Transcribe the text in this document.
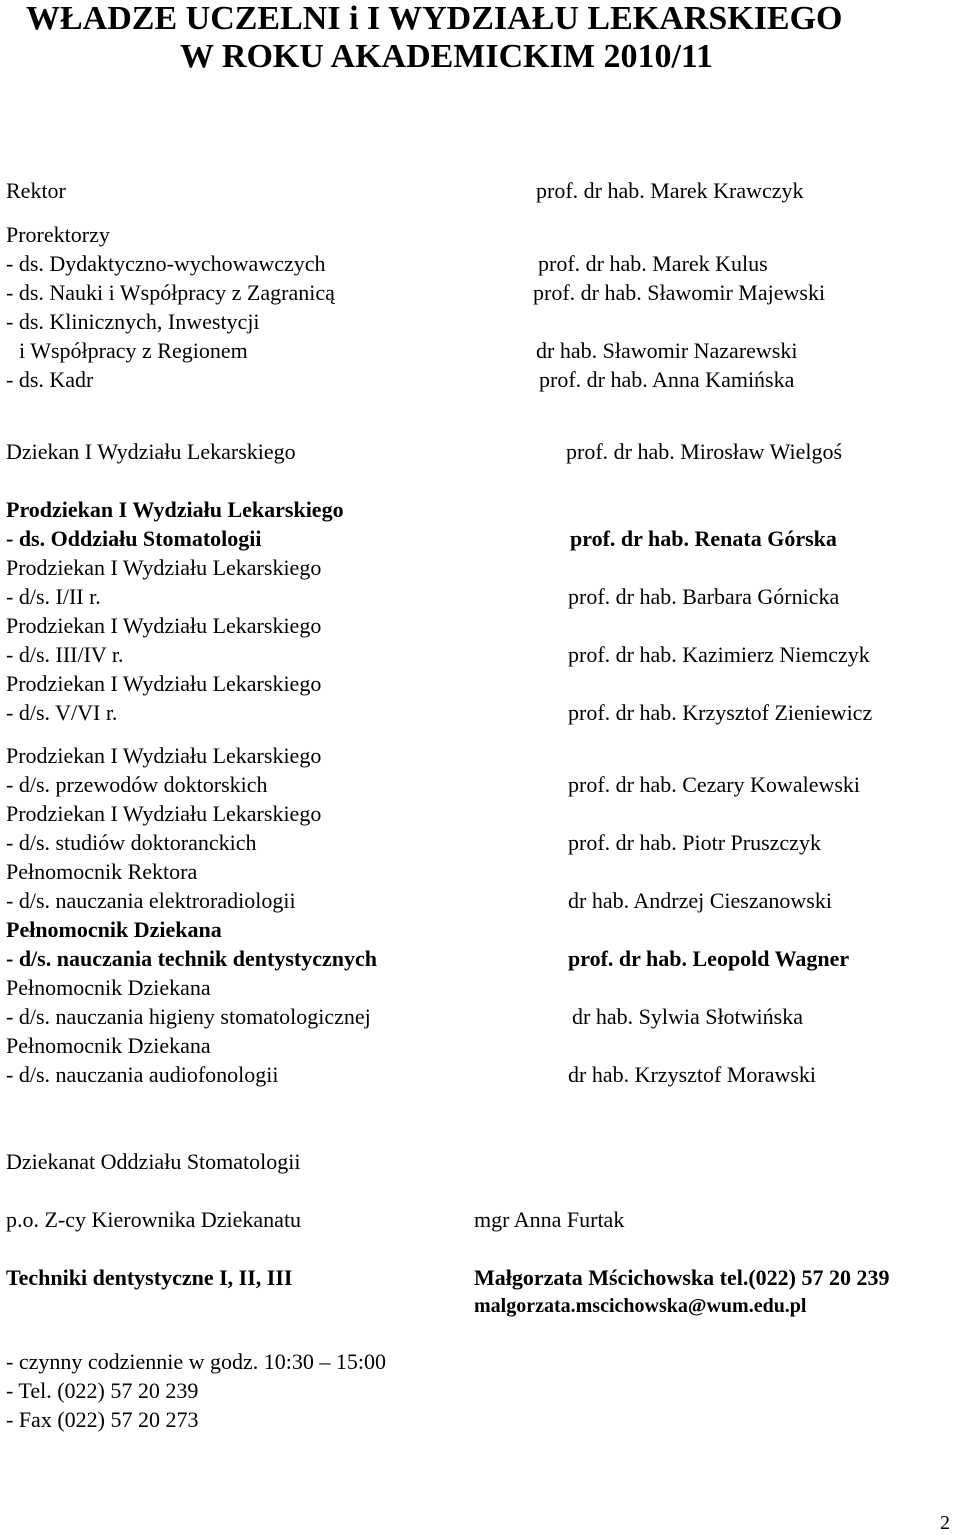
WŁADZE UCZELNI i I WYDZIAŁU LEKARSKIEGO
W ROKU AKADEMICKIM 2010/11
Rektor	prof. dr hab. Marek Krawczyk
Prorektorzy
- ds. Dydaktyczno-wychowawczych	prof. dr hab. Marek Kulus
- ds. Nauki i Współpracy z Zagranicą	prof. dr hab. Sławomir Majewski
- ds. Klinicznych, Inwestycji
i Współpracy z Regionem	dr hab. Sławomir Nazarewski
- ds. Kadr	prof. dr hab. Anna Kamińska
Dziekan I Wydziału Lekarskiego	prof. dr hab. Mirosław Wielgoś
Prodziekan I Wydziału Lekarskiego
- ds. Oddziału Stomatologii	prof. dr hab. Renata Górska
Prodziekan I Wydziału Lekarskiego
- d/s. I/II r.	prof. dr hab. Barbara Górnicka
Prodziekan I Wydziału Lekarskiego
- d/s. III/IV r.	prof. dr hab. Kazimierz Niemczyk
Prodziekan I Wydziału Lekarskiego
- d/s. V/VI r.	prof. dr hab. Krzysztof Zieniewicz
Prodziekan I Wydziału Lekarskiego
- d/s. przewodów doktorskich	prof. dr hab. Cezary Kowalewski
Prodziekan I Wydziału Lekarskiego
- d/s. studiów doktoranckich	prof. dr hab. Piotr Pruszczyk
Pełnomocnik Rektora
- d/s. nauczania elektroradiologii	dr hab. Andrzej Cieszanowski
Pełnomocnik Dziekana
- d/s. nauczania technik dentystycznych	prof. dr hab. Leopold Wagner
Pełnomocnik Dziekana
- d/s. nauczania higieny stomatologicznej	dr hab. Sylwia Słotwińska
Pełnomocnik Dziekana
- d/s. nauczania audiofonologii	dr hab. Krzysztof Morawski
Dziekanat Oddziału Stomatologii
p.o. Z-cy Kierownika Dziekanatu	mgr Anna Furtak
Techniki dentystyczne I, II, III	Małgorzata Mścichowska tel.(022) 57 20 239
malgorzata.mscichowska@wum.edu.pl
- czynny codziennie w godz. 10:30 – 15:00
- Tel. (022) 57 20 239
- Fax (022) 57 20 273
2
